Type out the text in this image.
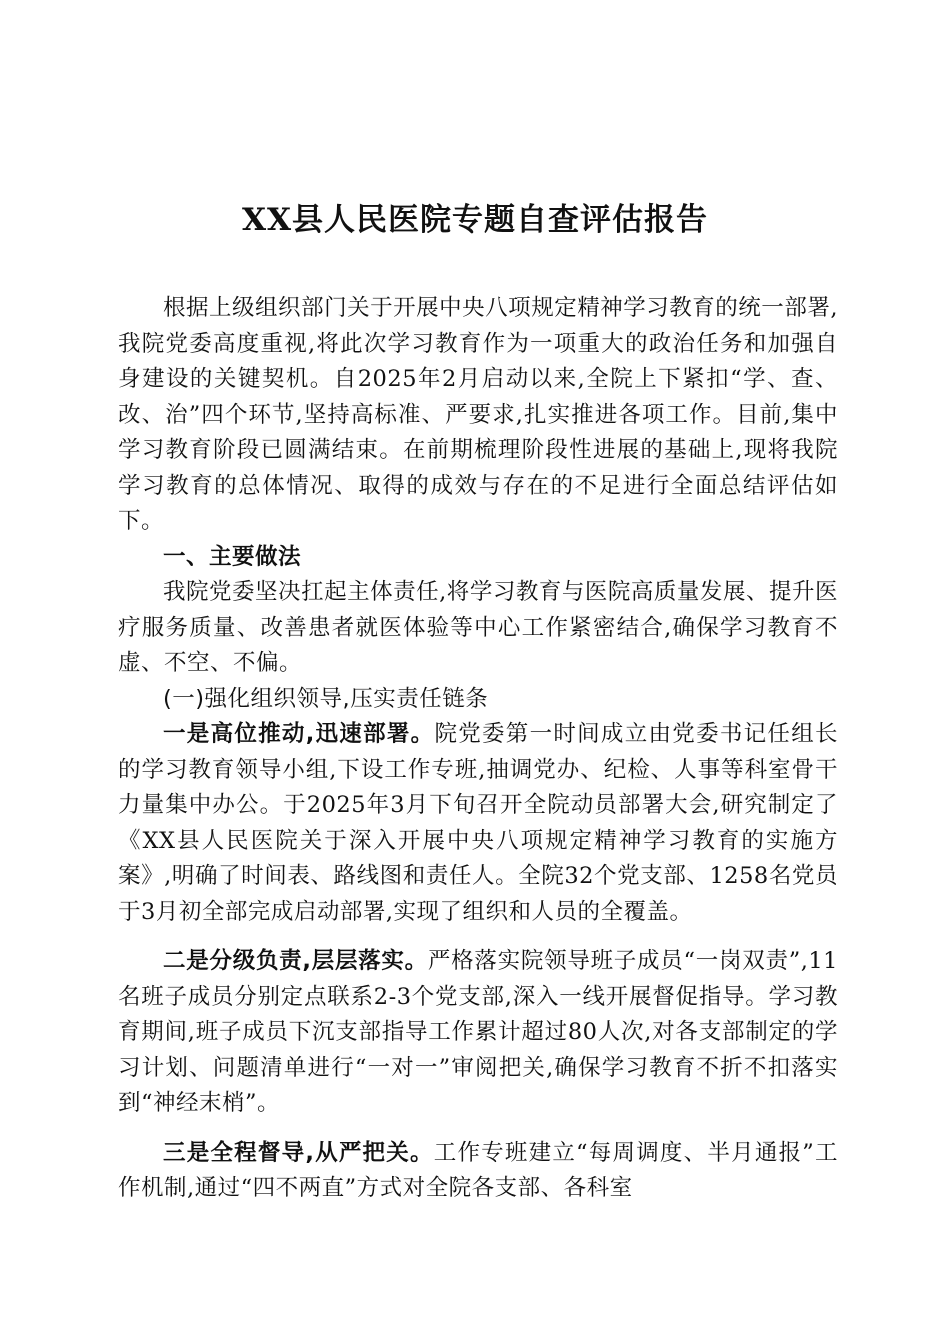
XX县人民医院专题自查评估报告

根据上级组织部门关于开展中央八项规定精神学习教育的统一部署,我院党委高度重视,将此次学习教育作为一项重大的政治任务和加强自身建设的关键契机。自2025年2月启动以来,全院上下紧扣“学、查、改、治”四个环节,坚持高标准、严要求,扎实推进各项工作。目前,集中学习教育阶段已圆满结束。在前期梳理阶段性进展的基础上,现将我院学习教育的总体情况、取得的成效与存在的不足进行全面总结评估如下。

一、主要做法

我院党委坚决扛起主体责任,将学习教育与医院高质量发展、提升医疗服务质量、改善患者就医体验等中心工作紧密结合,确保学习教育不虚、不空、不偏。

(一)强化组织领导,压实责任链条

一是高位推动,迅速部署。院党委第一时间成立由党委书记任组长的学习教育领导小组,下设工作专班,抽调党办、纪检、人事等科室骨干力量集中办公。于2025年3月下旬召开全院动员部署大会,研究制定了《XX县人民医院关于深入开展中央八项规定精神学习教育的实施方案》,明确了时间表、路线图和责任人。全院32个党支部、1258名党员于3月初全部完成启动部署,实现了组织和人员的全覆盖。

二是分级负责,层层落实。严格落实院领导班子成员“一岗双责”,11名班子成员分别定点联系2-3个党支部,深入一线开展督促指导。学习教育期间,班子成员下沉支部指导工作累计超过80人次,对各支部制定的学习计划、问题清单进行“一对一”审阅把关,确保学习教育不折不扣落实到“神经末梢”。

三是全程督导,从严把关。工作专班建立“每周调度、半月通报”工作机制,通过“四不两直”方式对全院各支部、各科室
